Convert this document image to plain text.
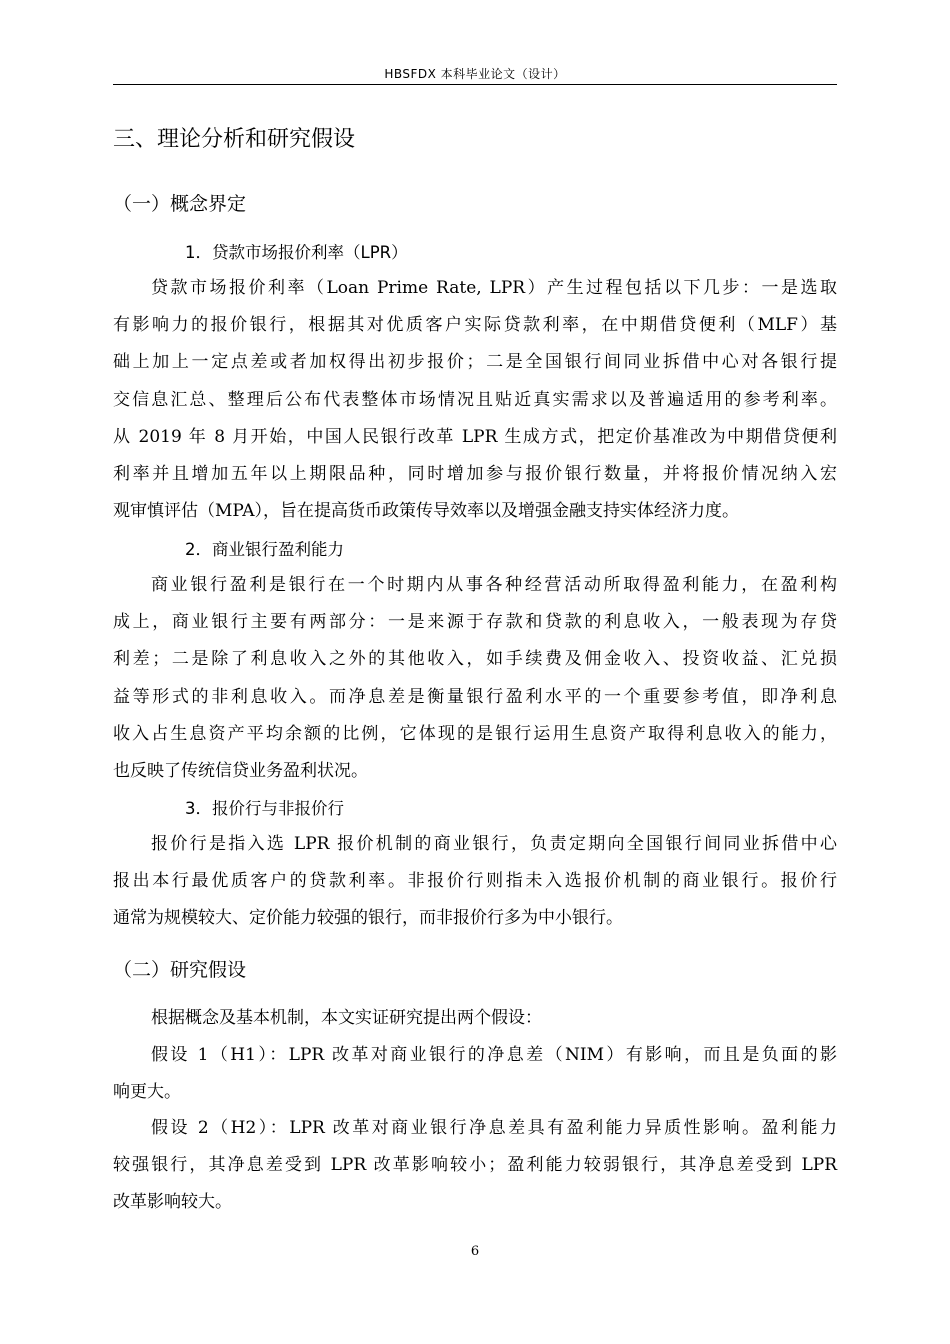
HBSFDX 本科毕业论文（设计）
三、理论分析和研究假设
（一）概念界定
1．贷款市场报价利率（LPR）
贷款市场报价利率（Loan Prime Rate, LPR）产生过程包括以下几步：一是选取
有影响力的报价银行，根据其对优质客户实际贷款利率，在中期借贷便利（MLF）基
础上加上一定点差或者加权得出初步报价；二是全国银行间同业拆借中心对各银行提
交信息汇总、整理后公布代表整体市场情况且贴近真实需求以及普遍适用的参考利率。
从 2019 年 8 月开始，中国人民银行改革 LPR 生成方式，把定价基准改为中期借贷便利
利率并且增加五年以上期限品种，同时增加参与报价银行数量，并将报价情况纳入宏
观审慎评估（MPA），旨在提高货币政策传导效率以及增强金融支持实体经济力度。
2．商业银行盈利能力
商业银行盈利是银行在一个时期内从事各种经营活动所取得盈利能力，在盈利构
成上，商业银行主要有两部分：一是来源于存款和贷款的利息收入，一般表现为存贷
利差；二是除了利息收入之外的其他收入，如手续费及佣金收入、投资收益、汇兑损
益等形式的非利息收入。而净息差是衡量银行盈利水平的一个重要参考值，即净利息
收入占生息资产平均余额的比例，它体现的是银行运用生息资产取得利息收入的能力，
也反映了传统信贷业务盈利状况。
3．报价行与非报价行
报价行是指入选 LPR 报价机制的商业银行，负责定期向全国银行间同业拆借中心
报出本行最优质客户的贷款利率。非报价行则指未入选报价机制的商业银行。报价行
通常为规模较大、定价能力较强的银行，而非报价行多为中小银行。
（二）研究假设
根据概念及基本机制，本文实证研究提出两个假设：
假设 1（H1）：LPR 改革对商业银行的净息差（NIM）有影响，而且是负面的影
响更大。
假设 2（H2）：LPR 改革对商业银行净息差具有盈利能力异质性影响。盈利能力
较强银行，其净息差受到 LPR 改革影响较小；盈利能力较弱银行，其净息差受到 LPR
改革影响较大。
6
